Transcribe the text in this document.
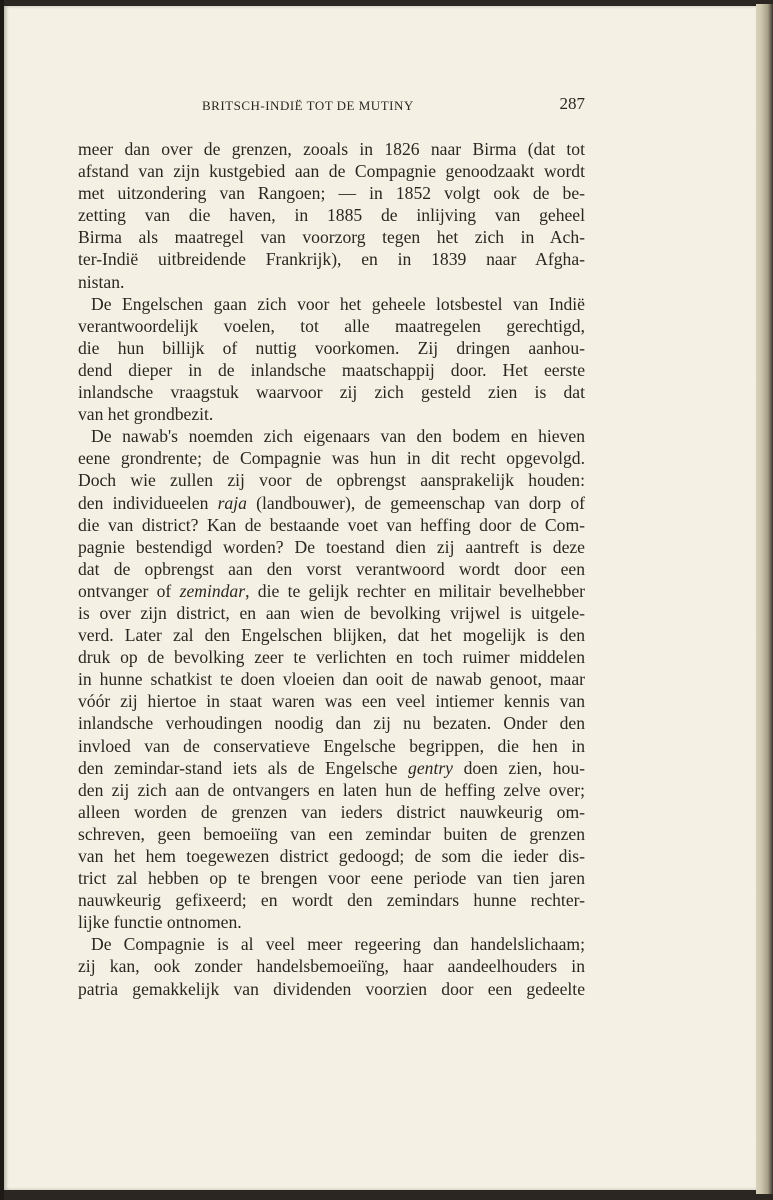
BRITSCH-INDIË TOT DE MUTINY	287
meer dan over de grenzen, zooals in 1826 naar Birma (dat tot
afstand van zijn kustgebied aan de Compagnie genoodzaakt wordt
met uitzondering van Rangoen; — in 1852 volgt ook de be-
zetting van die haven, in 1885 de inlijving van geheel
Birma als maatregel van voorzorg tegen het zich in Ach-
ter-Indië uitbreidende Frankrijk), en in 1839 naar Afgha-
nistan.
De Engelschen gaan zich voor het geheele lotsbestel van Indië
verantwoordelijk voelen, tot alle maatregelen gerechtigd,
die hun billijk of nuttig voorkomen. Zij dringen aanhou-
dend dieper in de inlandsche maatschappij door. Het eerste
inlandsche vraagstuk waarvoor zij zich gesteld zien is dat
van het grondbezit.
De nawab's noemden zich eigenaars van den bodem en hieven
eene grondrente; de Compagnie was hun in dit recht opgevolgd.
Doch wie zullen zij voor de opbrengst aansprakelijk houden:
den individueelen raja (landbouwer), de gemeenschap van dorp of
die van district? Kan de bestaande voet van heffing door de Com-
pagnie bestendigd worden? De toestand dien zij aantreft is deze
dat de opbrengst aan den vorst verantwoord wordt door een
ontvanger of zemindar, die te gelijk rechter en militair bevelhebber
is over zijn district, en aan wien de bevolking vrijwel is uitgele-
verd. Later zal den Engelschen blijken, dat het mogelijk is den
druk op de bevolking zeer te verlichten en toch ruimer middelen
in hunne schatkist te doen vloeien dan ooit de nawab genoot, maar
vóór zij hiertoe in staat waren was een veel intiemer kennis van
inlandsche verhoudingen noodig dan zij nu bezaten. Onder den
invloed van de conservatieve Engelsche begrippen, die hen in
den zemindar-stand iets als de Engelsche gentry doen zien, hou-
den zij zich aan de ontvangers en laten hun de heffing zelve over;
alleen worden de grenzen van ieders district nauwkeurig om-
schreven, geen bemoeiïng van een zemindar buiten de grenzen
van het hem toegewezen district gedoogd; de som die ieder dis-
trict zal hebben op te brengen voor eene periode van tien jaren
nauwkeurig gefixeerd; en wordt den zemindars hunne rechter-
lijke functie ontnomen.
De Compagnie is al veel meer regeering dan handelslichaam;
zij kan, ook zonder handelsbemoeiïng, haar aandeelhouders in
patria gemakkelijk van dividenden voorzien door een gedeelte
